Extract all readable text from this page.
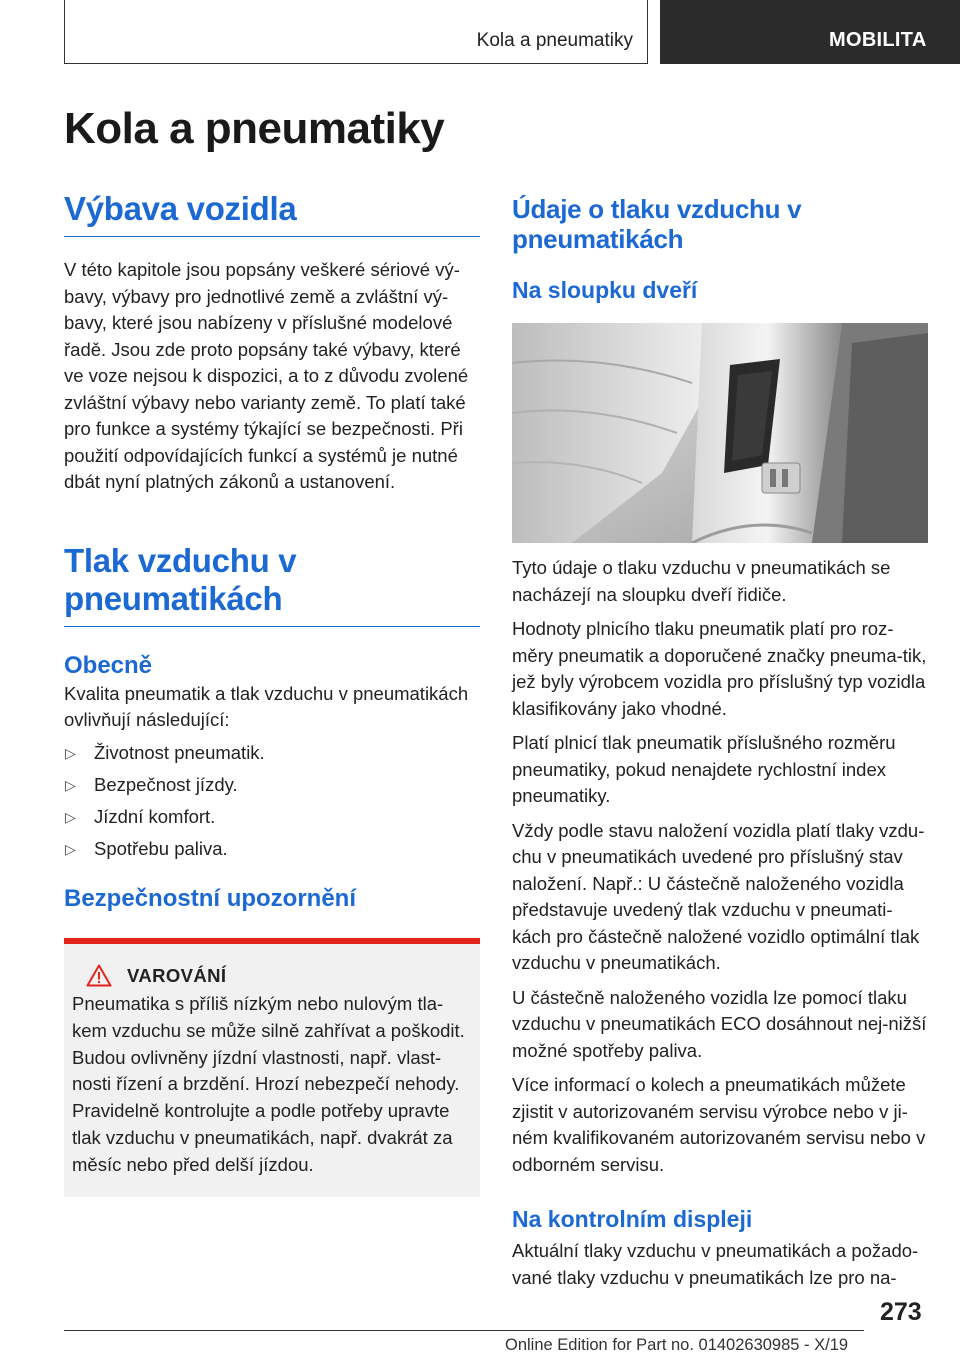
Kola a pneumatiky	MOBILITA
Kola a pneumatiky
Výbava vozidla

V této kapitole jsou popsány veškeré sériové vý-bavy, výbavy pro jednotlivé země a zvláštní vý-bavy, které jsou nabízeny v příslušné modelové řadě. Jsou zde proto popsány také výbavy, které ve voze nejsou k dispozici, a to z důvodu zvolené zvláštní výbavy nebo varianty země. To platí také pro funkce a systémy týkající se bezpečnosti. Při použití odpovídajících funkcí a systémů je nutné dbát nyní platných zákonů a ustanovení.

Tlak vzduchu v pneumatikách
Obecně

Kvalita pneumatik a tlak vzduchu v pneumatikách ovlivňují následující:

▷ Životnost pneumatik.
▷ Bezpečnost jízdy.
▷ Jízdní komfort.
▷ Spotřebu paliva.
Bezpečnostní upozornění
VAROVÁNÍ

Pneumatika s příliš nízkým nebo nulovým tla-kem vzduchu se může silně zahřívat a poškodit. Budou ovlivněny jízdní vlastnosti, např. vlast-nosti řízení a brzdění. Hrozí nebezpečí nehody. Pravidelně kontrolujte a podle potřeby upravte tlak vzduchu v pneumatikách, např. dvakrát za měsíc nebo před delší jízdou.

Údaje o tlaku vzduchu v pneumatikách
Na sloupku dveří

Tyto údaje o tlaku vzduchu v pneumatikách se nacházejí na sloupku dveří řidiče.

Hodnoty plnicího tlaku pneumatik platí pro roz-měry pneumatik a doporučené značky pneuma-tik, jež byly výrobcem vozidla pro příslušný typ vozidla klasifikovány jako vhodné.

Platí plnicí tlak pneumatik příslušného rozměru pneumatiky, pokud nenajdete rychlostní index pneumatiky.

Vždy podle stavu naložení vozidla platí tlaky vzdu-chu v pneumatikách uvedené pro příslušný stav naložení. Např.: U částečně naloženého vozidla představuje uvedený tlak vzduchu v pneumati-kách pro částečně naložené vozidlo optimální tlak vzduchu v pneumatikách.

U částečně naloženého vozidla lze pomocí tlaku vzduchu v pneumatikách ECO dosáhnout nej-nižší možné spotřeby paliva.

Více informací o kolech a pneumatikách můžete zjistit v autorizovaném servisu výrobce nebo v ji-ném kvalifikovaném autorizovaném servisu nebo v odborném servisu.

Na kontrolním displeji

Aktuální tlaky vzduchu v pneumatikách a požado-vané tlaky vzduchu v pneumatikách lze pro na-

273
Online Edition for Part no. 01402630985 - X/19
